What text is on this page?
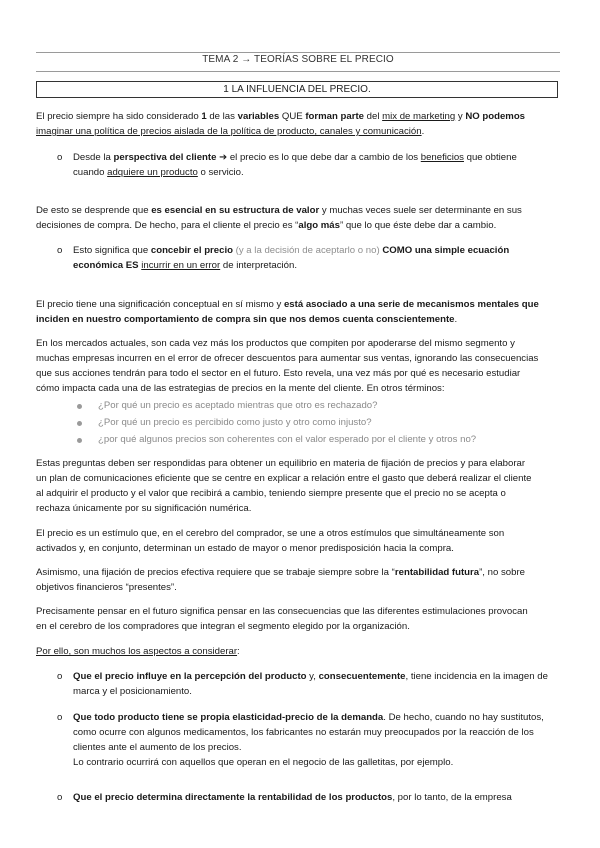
TEMA 2 → TEORÍAS SOBRE EL PRECIO
1 LA INFLUENCIA DEL PRECIO.
El precio siempre ha sido considerado 1 de las variables QUE forman parte del mix de marketing y NO podemos
imaginar una política de precios aislada de la política de producto, canales y comunicación.
o Desde la perspectiva del cliente ➔ el precio es lo que debe dar a cambio de los beneficios que obtiene
cuando adquiere un producto o servicio.
De esto se desprende que es esencial en su estructura de valor y muchas veces suele ser determinante en sus
decisiones de compra. De hecho, para el cliente el precio es “algo más” que lo que éste debe dar a cambio.
o Esto significa que concebir el precio (y a la decisión de aceptarlo o no) COMO una simple ecuación
económica ES incurrir en un error de interpretación.
El precio tiene una significación conceptual en sí mismo y está asociado a una serie de mecanismos mentales que
inciden en nuestro comportamiento de compra sin que nos demos cuenta conscientemente.
En los mercados actuales, son cada vez más los productos que compiten por apoderarse del mismo segmento y
muchas empresas incurren en el error de ofrecer descuentos para aumentar sus ventas, ignorando las consecuencias
que sus acciones tendrán para todo el sector en el futuro. Esto revela, una vez más por qué es necesario estudiar
cómo impacta cada una de las estrategias de precios en la mente del cliente. En otros términos:
¿Por qué un precio es aceptado mientras que otro es rechazado?
¿Por qué un precio es percibido como justo y otro como injusto?
¿por qué algunos precios son coherentes con el valor esperado por el cliente y otros no?
Estas preguntas deben ser respondidas para obtener un equilibrio en materia de fijación de precios y para elaborar
un plan de comunicaciones eficiente que se centre en explicar a relación entre el gasto que deberá realizar el cliente
al adquirir el producto y el valor que recibirá a cambio, teniendo siempre presente que el precio no se acepta o
rechaza únicamente por su significación numérica.
El precio es un estímulo que, en el cerebro del comprador, se une a otros estímulos que simultáneamente son
activados y, en conjunto, determinan un estado de mayor o menor predisposición hacia la compra.
Asimismo, una fijación de precios efectiva requiere que se trabaje siempre sobre la “rentabilidad futura”, no sobre
objetivos financieros “presentes”.
Precisamente pensar en el futuro significa pensar en las consecuencias que las diferentes estimulaciones provocan
en el cerebro de los compradores que integran el segmento elegido por la organización.
Por ello, son muchos los aspectos a considerar:
o Que el precio influye en la percepción del producto y, consecuentemente, tiene incidencia en la imagen de
marca y el posicionamiento.
o Que todo producto tiene se propia elasticidad-precio de la demanda. De hecho, cuando no hay sustitutos,
como ocurre con algunos medicamentos, los fabricantes no estarán muy preocupados por la reacción de los
clientes ante el aumento de los precios.
Lo contrario ocurrirá con aquellos que operan en el negocio de las galletitas, por ejemplo.
o Que el precio determina directamente la rentabilidad de los productos, por lo tanto, de la empresa
